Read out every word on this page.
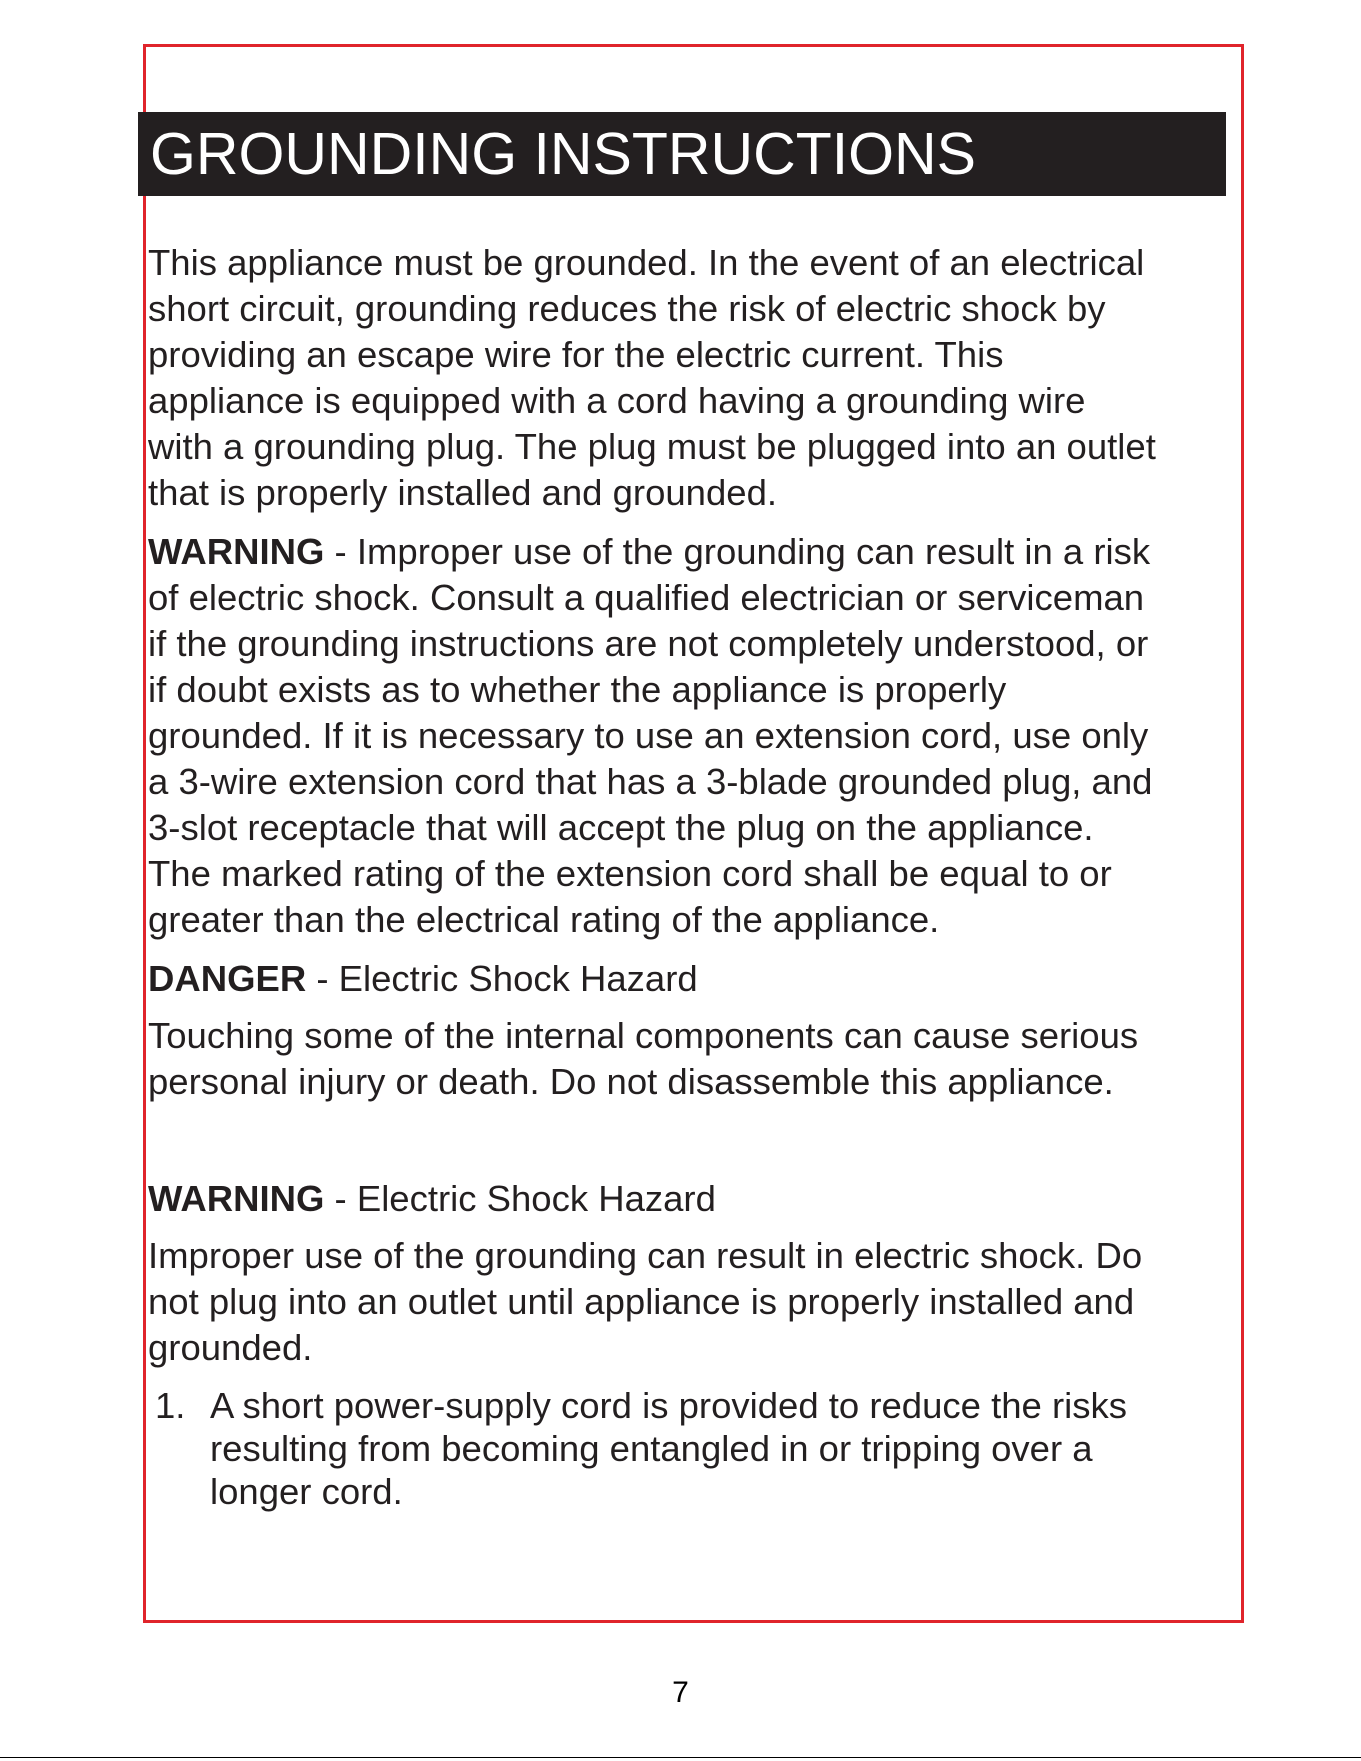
GROUNDING INSTRUCTIONS

This appliance must be grounded. In the event of an electrical
short circuit, grounding reduces the risk of electric shock by
providing an escape wire for the electric current. This
appliance is equipped with a cord having a grounding wire
with a grounding plug. The plug must be plugged into an outlet
that is properly installed and grounded.

WARNING - Improper use of the grounding can result in a risk
of electric shock. Consult a qualified electrician or serviceman
if the grounding instructions are not completely understood, or
if doubt exists as to whether the appliance is properly
grounded. If it is necessary to use an extension cord, use only
a 3-wire extension cord that has a 3-blade grounded plug, and
3-slot receptacle that will accept the plug on the appliance.
The marked rating of the extension cord shall be equal to or
greater than the electrical rating of the appliance.

DANGER - Electric Shock Hazard

Touching some of the internal components can cause serious
personal injury or death. Do not disassemble this appliance.

WARNING - Electric Shock Hazard

Improper use of the grounding can result in electric shock. Do
not plug into an outlet until appliance is properly installed and
grounded.

1. A short power-supply cord is provided to reduce the risks
resulting from becoming entangled in or tripping over a
longer cord.
7
